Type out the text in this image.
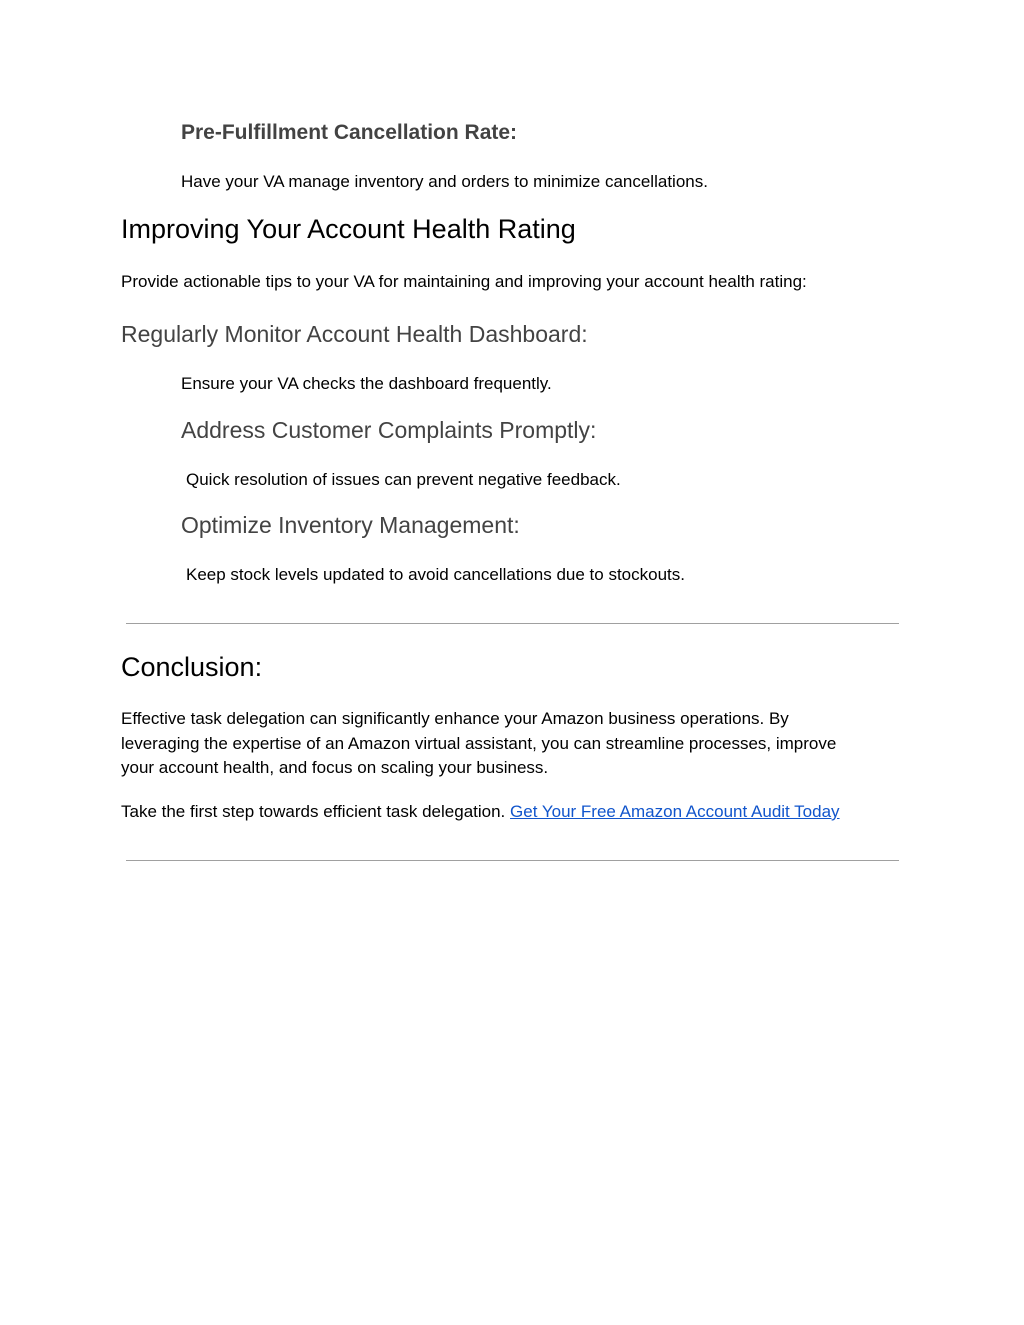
Pre-Fulfillment Cancellation Rate:

Have your VA manage inventory and orders to minimize cancellations.

Improving Your Account Health Rating

Provide actionable tips to your VA for maintaining and improving your account health rating:

Regularly Monitor Account Health Dashboard:

Ensure your VA checks the dashboard frequently.

Address Customer Complaints Promptly:

Quick resolution of issues can prevent negative feedback.

Optimize Inventory Management:

Keep stock levels updated to avoid cancellations due to stockouts.

Conclusion:
Effective task delegation can significantly enhance your Amazon business operations. By
leveraging the expertise of an Amazon virtual assistant, you can streamline processes, improve
your account health, and focus on scaling your business.

Take the first step towards efficient task delegation. Get Your Free Amazon Account Audit Today
